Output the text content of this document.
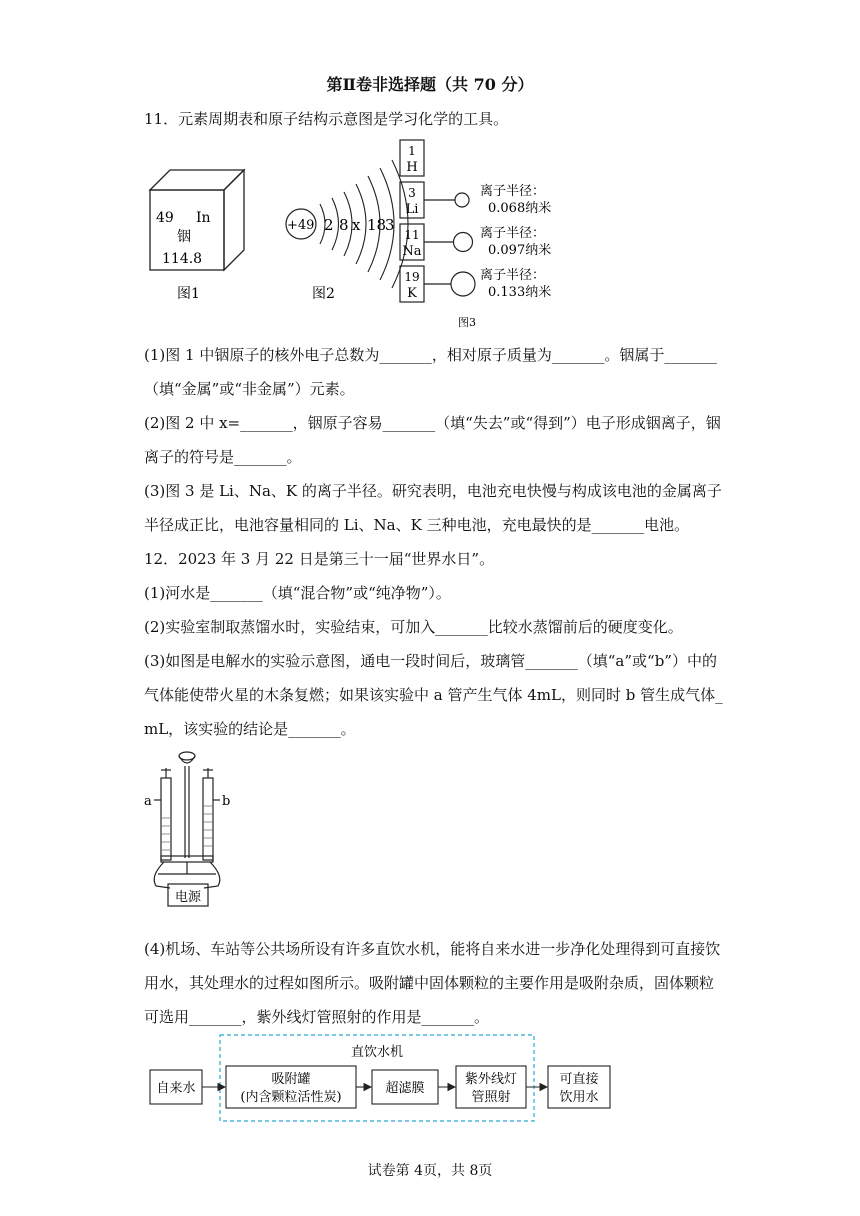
第Ⅱ卷非选择题（共 70 分）
11．元素周期表和原子结构示意图是学习化学的工具。
49 In
铟
114.8
图1
+49 2 8 x 18
3
图2
1
H
3
Li
11
Na
19
K
离子半径：
0.068纳米
离子半径：
0.097纳米
离子半径：
0.133纳米
图3
(1)图 1 中铟原子的核外电子总数为_______，相对原子质量为_______。铟属于_______
（填“金属”或“非金属”）元素。
(2)图 2 中 x=_______，铟原子容易_______（填“失去”或“得到”）电子形成铟离子，铟
离子的符号是_______。
(3)图 3 是 Li、Na、K 的离子半径。研究表明，电池充电快慢与构成该电池的金属离子
半径成正比，电池容量相同的 Li、Na、K 三种电池，充电最快的是_______电池。
12．2023 年 3 月 22 日是第三十一届“世界水日”。
(1)河水是_______（填“混合物”或“纯净物”）。
(2)实验室制取蒸馏水时，实验结束，可加入_______比较水蒸馏前后的硬度变化。
(3)如图是电解水的实验示意图，通电一段时间后，玻璃管_______（填“a”或“b”）中的
气体能使带火星的木条复燃；如果该实验中 a 管产生气体 4mL，则同时 b 管生成气体_
mL，该实验的结论是_______。
a	b
电源
(4)机场、车站等公共场所设有许多直饮水机，能将自来水进一步净化处理得到可直接饮
用水，其处理水的过程如图所示。吸附罐中固体颗粒的主要作用是吸附杂质，固体颗粒
可选用_______，紫外线灯管照射的作用是_______。
直饮水机
自来水
吸附罐
(内含颗粒活性炭)
超滤膜
紫外线灯
管照射
可直接
饮用水
试卷第 4页，共 8页
